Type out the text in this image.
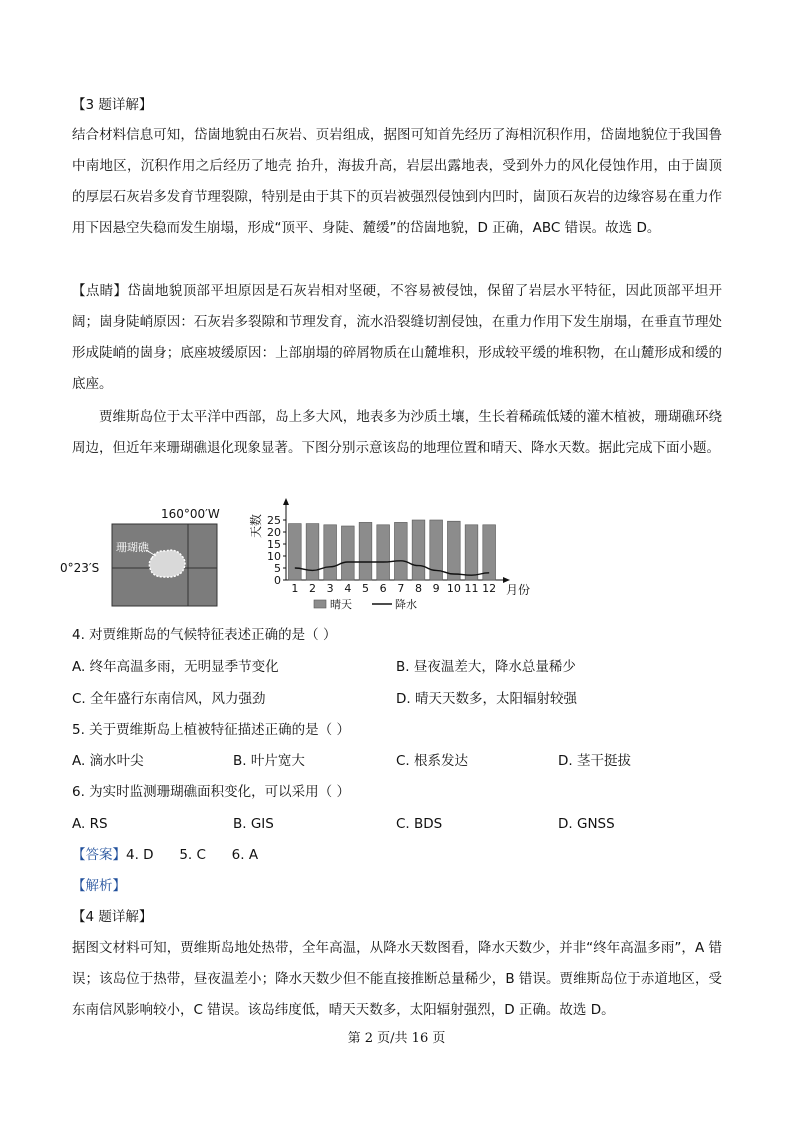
【3 题详解】

结合材料信息可知，岱崮地貌由石灰岩、页岩组成，据图可知首先经历了海相沉积作用，岱崮地貌位于我国鲁中南地区，沉积作用之后经历了地壳 抬升，海拔升高，岩层出露地表，受到外力的风化侵蚀作用，由于崮顶的厚层石灰岩多发育节理裂隙，特别是由于其下的页岩被强烈侵蚀到内凹时，崮顶石灰岩的边缘容易在重力作用下因悬空失稳而发生崩塌，形成“顶平、身陡、麓缓”的岱崮地貌，D 正确，ABC 错误。故选 D。

【点睛】岱崮地貌顶部平坦原因是石灰岩相对坚硬，不容易被侵蚀，保留了岩层水平特征，因此顶部平坦开阔；崮身陡峭原因：石灰岩多裂隙和节理发育，流水沿裂缝切割侵蚀，在重力作用下发生崩塌，在垂直节理处形成陡峭的崮身；底座坡缓原因：上部崩塌的碎屑物质在山麓堆积，形成较平缓的堆积物，在山麓形成和缓的底座。

贾维斯岛位于太平洋中西部，岛上多大风，地表多为沙质土壤，生长着稀疏低矮的灌木植被，珊瑚礁环绕周边，但近年来珊瑚礁退化现象显著。下图分别示意该岛的地理位置和晴天、降水天数。据此完成下面小题。

160°00′W
珊瑚礁
0°23′S
0
5
10
15
20
25
1 2 3 4 5 6 7 8 9 10 11 12
天数
月份
晴天	降水

4. 对贾维斯岛的气候特征表述正确的是（ ）

A. 终年高温多雨，无明显季节变化	B. 昼夜温差大，降水总量稀少

C. 全年盛行东南信风，风力强劲	D. 晴天天数多，太阳辐射较强

5. 关于贾维斯岛上植被特征描述正确的是（ ）

A. 滴水叶尖	B. 叶片宽大	C. 根系发达	D. 茎干挺拔

6. 为实时监测珊瑚礁面积变化，可以采用（ ）

A. RS	B. GIS	C. BDS	D. GNSS

【答案】4. D      5. C      6. A

【解析】

【4 题详解】

据图文材料可知，贾维斯岛地处热带，全年高温，从降水天数图看，降水天数少，并非“终年高温多雨”，A 错误；该岛位于热带，昼夜温差小；降水天数少但不能直接推断总量稀少，B 错误。贾维斯岛位于赤道地区，受东南信风影响较小，C 错误。该岛纬度低，晴天天数多，太阳辐射强烈，D 正确。故选 D。

第 2 页/共 16 页
